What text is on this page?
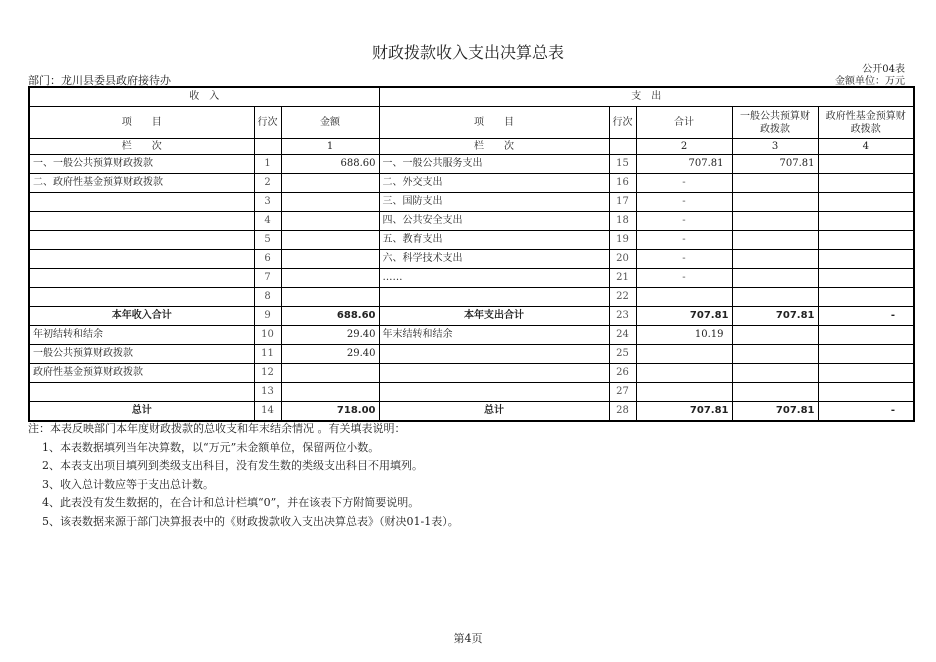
财政拨款收入支出决算总表
公开04表
部门：龙川县委县政府接待办	金额单位：万元
收　入			支　出				
项　　目	行次	金额	项　　目	行次	合计	一般公共预算财政拨款	政府性基金预算财政拨款
栏　　次		1	栏　　次		2	3	4
一、一般公共预算财政拨款	1	688.60	一、一般公共服务支出	15	707.81	707.81	
二、政府性基金预算财政拨款	2		二、外交支出	16	-		
	3		三、国防支出	17	-		
	4		四、公共安全支出	18	-		
	5		五、教育支出	19	-		
	6		六、科学技术支出	20	-		
	7		……	21	-		
	8			22			
本年收入合计	9	688.60	本年支出合计	23	707.81	707.81	-
年初结转和结余	10	29.40	年末结转和结余	24	10.19		
一般公共预算财政拨款	11	29.40		25			
政府性基金预算财政拨款	12			26			
	13			27			
总计	14	718.00	总计	28	707.81	707.81	-
注：本表反映部门本年度财政拨款的总收支和年末结余情况 。有关填表说明：
1、本表数据填列当年决算数，以“万元”未金额单位，保留两位小数。
2、本表支出项目填列到类级支出科目，没有发生数的类级支出科目不用填列。
3、收入总计数应等于支出总计数。
4、此表没有发生数据的，在合计和总计栏填“0”，并在该表下方附简要说明。
5、该表数据来源于部门决算报表中的《财政拨款收入支出决算总表》（财决01-1表）。
第4页
